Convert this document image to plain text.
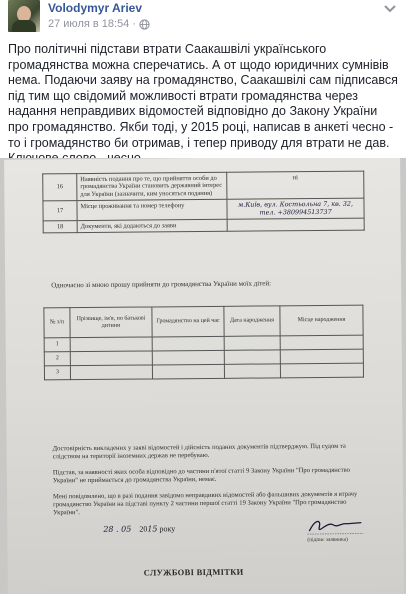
Volodymyr Ariev
27 июля в 18:54 ·
Про політичні підстави втрати Саакашвілі українського громадянства можна сперечатись. А от щодо юридичних сумнівів нема. Подаючи заяву на громадянство, Саакашвілі сам підписався під тим що свідомий можливості втрати громадянства через надання неправдивих відомостей відповідно до Закону України про громадянство. Якби тоді, у 2015 році, написав в анкеті чесно - то і громадянство би отримав, і тепер приводу для втрати не дав.
16	Наявність подання про те, що прийняття особи до громадянства України становить державний інтерес для України (зазначити, ким уносяться подання)	ні
17	Місце проживання та номер телефону	м.Київ, вул. Костьольна 7, кв. 32, тел. +380994513737
18	Документи, які додаються до заяви	
Одночасно зі мною прошу прийняти до громадянства України моїх дітей:
№ з/п	Прізвище, ім'я, по батькові дитини	Громадянство на цей час	Дата народження	Місце народження
1				
2				
3				
Достовірність викладених у заяві відомостей і дійсність поданих документів підтверджую. Під судом та слідством на території іноземних держав не перебуваю.
Підстав, за наявності яких особа відповідно до частини п'ятої статті 9 Закону України "Про громадянство України" не приймається до громадянства України, немає.
Мені повідомлено, що в разі подання завідомо неправдивих відомостей або фальшивих документів я втрачу громадянство України на підставі пункту 2 частини першої статті 19 Закону України "Про громадянство України".
28 . 05 2015 року
(підпис заявника)
СЛУЖБОВІ ВІДМІТКИ
